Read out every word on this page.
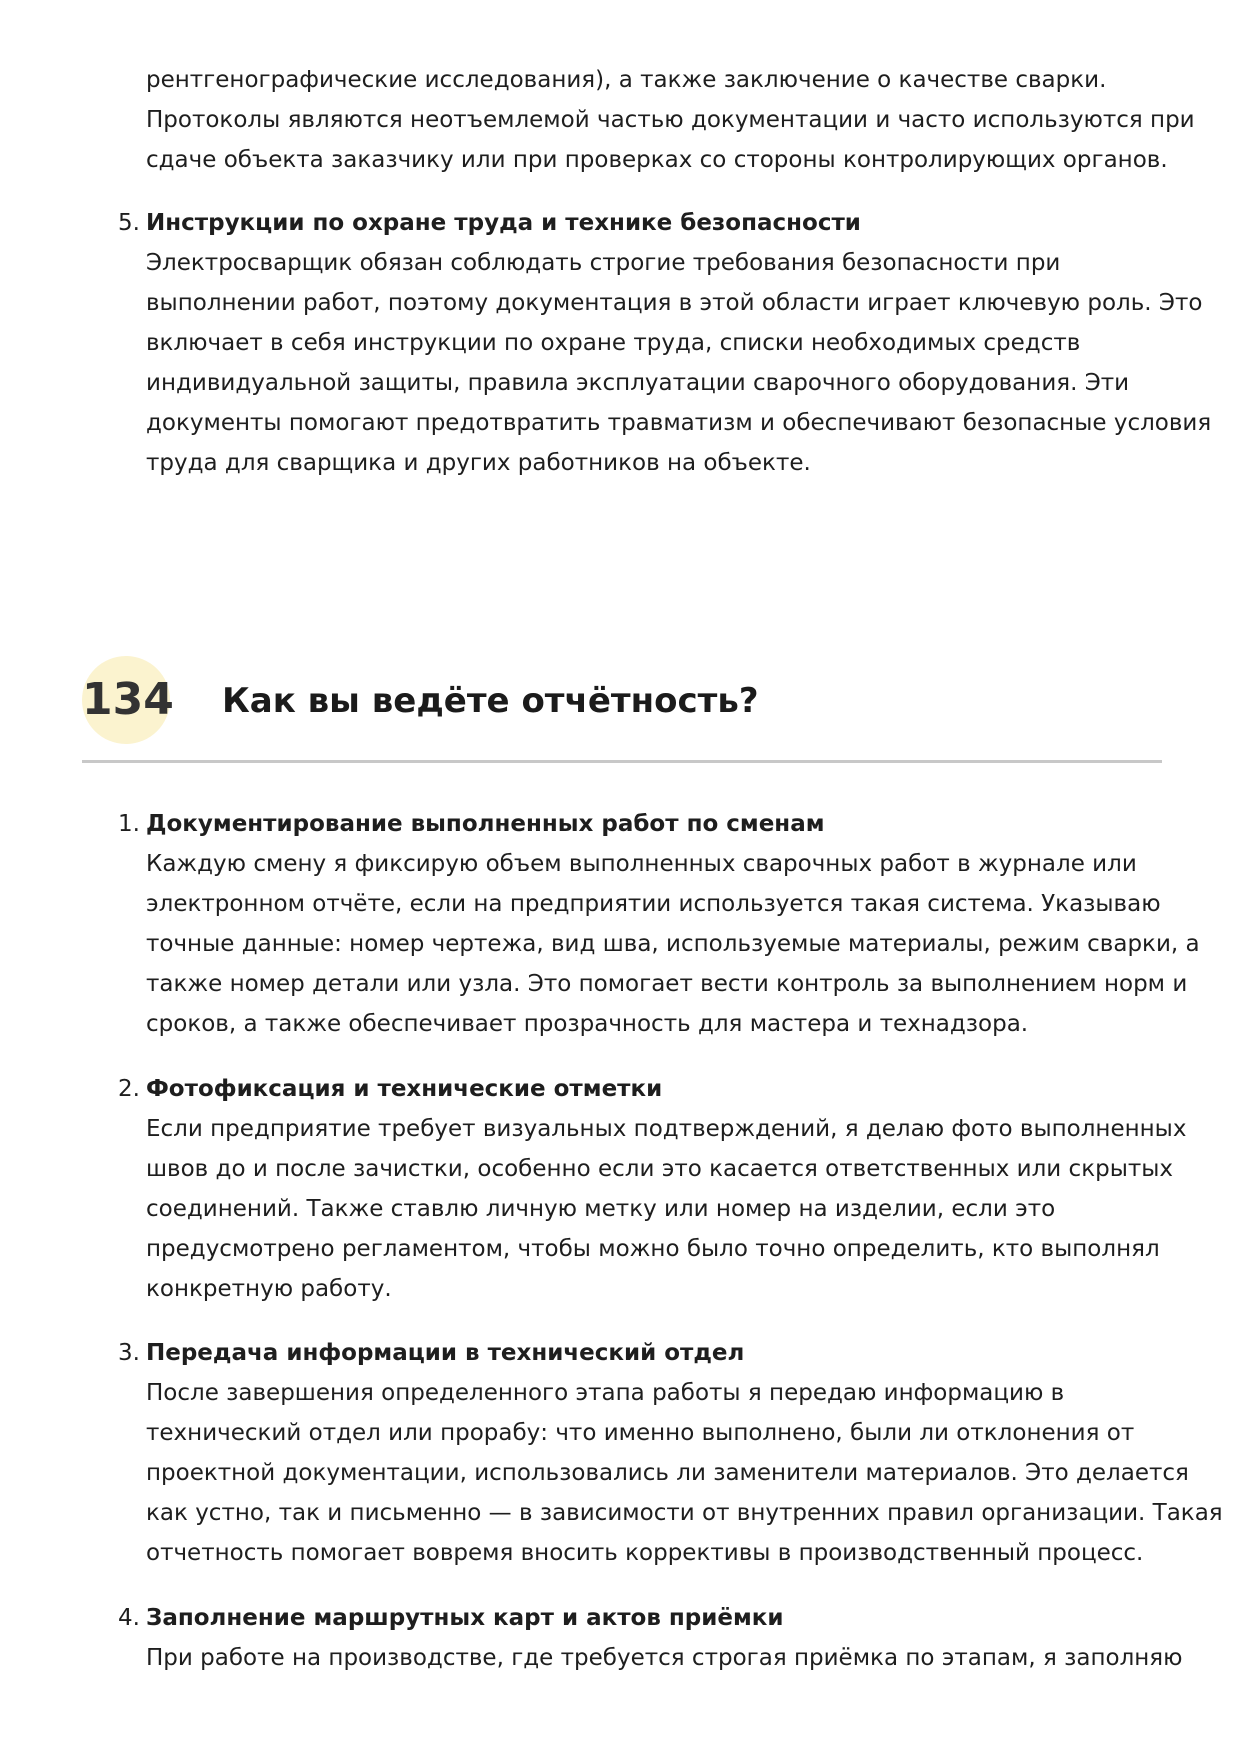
рентгенографические исследования), а также заключение о качестве сварки.
Протоколы являются неотъемлемой частью документации и часто используются при
сдаче объекта заказчику или при проверках со стороны контролирующих органов.
5. Инструкции по охране труда и технике безопасности
Электросварщик обязан соблюдать строгие требования безопасности при
выполнении работ, поэтому документация в этой области играет ключевую роль. Это
включает в себя инструкции по охране труда, списки необходимых средств
индивидуальной защиты, правила эксплуатации сварочного оборудования. Эти
документы помогают предотвратить травматизм и обеспечивают безопасные условия
труда для сварщика и других работников на объекте.
134 Как вы ведёте отчётность?
1. Документирование выполненных работ по сменам
Каждую смену я фиксирую объем выполненных сварочных работ в журнале или
электронном отчёте, если на предприятии используется такая система. Указываю
точные данные: номер чертежа, вид шва, используемые материалы, режим сварки, а
также номер детали или узла. Это помогает вести контроль за выполнением норм и
сроков, а также обеспечивает прозрачность для мастера и технадзора.
2. Фотофиксация и технические отметки
Если предприятие требует визуальных подтверждений, я делаю фото выполненных
швов до и после зачистки, особенно если это касается ответственных или скрытых
соединений. Также ставлю личную метку или номер на изделии, если это
предусмотрено регламентом, чтобы можно было точно определить, кто выполнял
конкретную работу.
3. Передача информации в технический отдел
После завершения определенного этапа работы я передаю информацию в
технический отдел или прорабу: что именно выполнено, были ли отклонения от
проектной документации, использовались ли заменители материалов. Это делается
как устно, так и письменно — в зависимости от внутренних правил организации. Такая
отчетность помогает вовремя вносить коррективы в производственный процесс.
4. Заполнение маршрутных карт и актов приёмки
При работе на производстве, где требуется строгая приёмка по этапам, я заполняю
